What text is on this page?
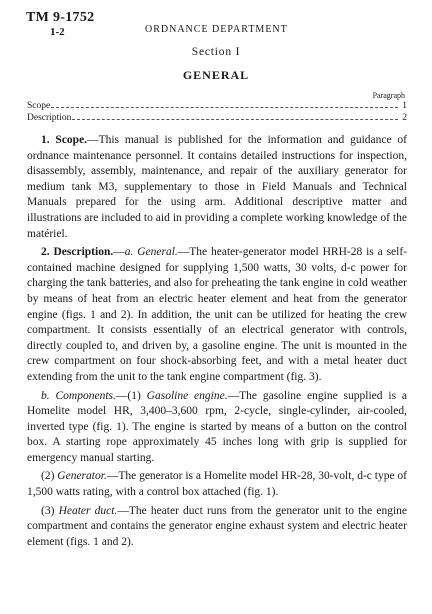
TM 9-1752
1-2	ORDNANCE DEPARTMENT
Section I
GENERAL
Paragraph
Scope	1
Description	2

1. Scope.—This manual is published for the information and guidance of ordnance maintenance personnel. It contains detailed instructions for inspection, disassembly, assembly, maintenance, and repair of the auxiliary generator for medium tank M3, supplementary to those in Field Manuals and Technical Manuals prepared for the using arm. Additional descriptive matter and illustrations are included to aid in providing a complete working knowledge of the matériel.

2. Description.—a. General.—The heater-generator model HRH-28 is a self-contained machine designed for supplying 1,500 watts, 30 volts, d-c power for charging the tank batteries, and also for preheating the tank engine in cold weather by means of heat from an electric heater element and heat from the generator engine (figs. 1 and 2). In addition, the unit can be utilized for heating the crew compartment. It consists essentially of an electrical generator with controls, directly coupled to, and driven by, a gasoline engine. The unit is mounted in the crew compartment on four shock-absorbing feet, and with a metal heater duct extending from the unit to the tank engine compartment (fig. 3).

b. Components.—(1) Gasoline engine.—The gasoline engine supplied is a Homelite model HR, 3,400–3,600 rpm, 2-cycle, single-cylinder, air-cooled, inverted type (fig. 1). The engine is started by means of a button on the control box. A starting rope approximately 45 inches long with grip is supplied for emergency manual starting.

(2) Generator.—The generator is a Homelite model HR-28, 30-volt, d-c type of 1,500 watts rating, with a control box attached (fig. 1).

(3) Heater duct.—The heater duct runs from the generator unit to the engine compartment and contains the generator engine exhaust system and electric heater element (figs. 1 and 2).
